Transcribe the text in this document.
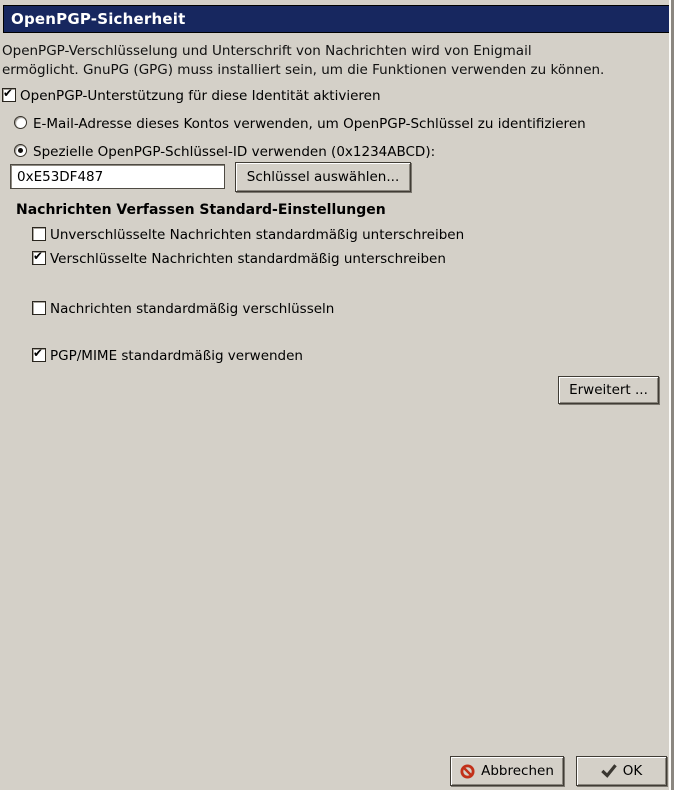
OpenPGP-Sicherheit
OpenPGP-Verschlüsselung und Unterschrift von Nachrichten wird von Enigmail
ermöglicht. GnuPG (GPG) muss installiert sein, um die Funktionen verwenden zu können.
✔
OpenPGP-Unterstützung für diese Identität aktivieren
E-Mail-Adresse dieses Kontos verwenden, um OpenPGP-Schlüssel zu identifizieren
Spezielle OpenPGP-Schlüssel-ID verwenden (0x1234ABCD):
0xE53DF487
Schlüssel auswählen...
Nachrichten Verfassen Standard-Einstellungen
Unverschlüsselte Nachrichten standardmäßig unterschreiben
✔
Verschlüsselte Nachrichten standardmäßig unterschreiben
Nachrichten standardmäßig verschlüsseln
✔
PGP/MIME standardmäßig verwenden
Erweitert ...
Abbrechen	OK
